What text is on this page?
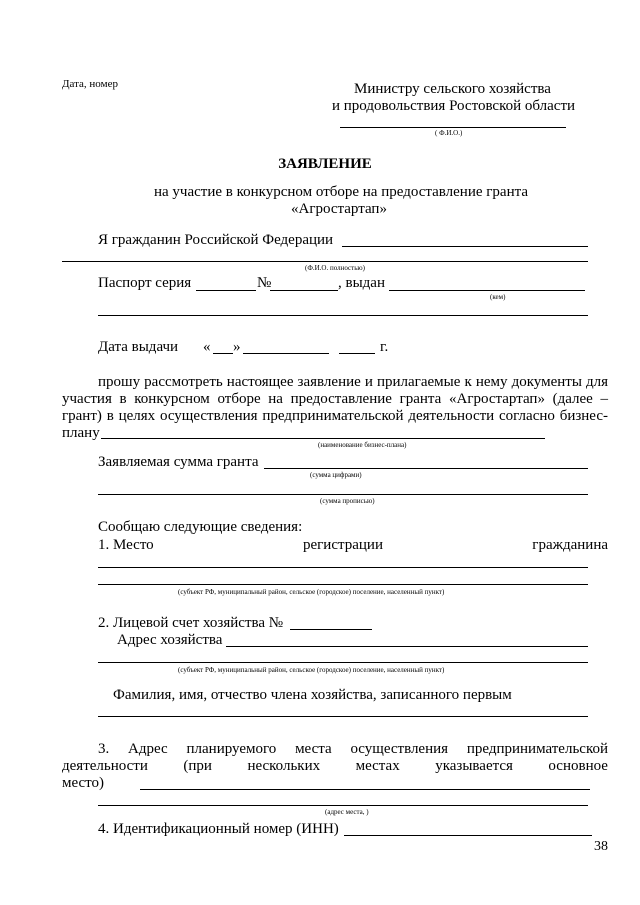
Дата, номер	Министру сельского хозяйства
и продовольствия Ростовской области
( Ф.И.О.)
ЗАЯВЛЕНИЕ
на участие в конкурсном отборе на предоставление гранта
«Агростартап»
Я гражданин Российской Федерации
(Ф.И.О. полностью)
Паспорт серия	№	, выдан
(кем)
Дата выдачи « »	г.
прошу рассмотреть настоящее заявление и прилагаемые к нему документы для
участия в конкурсном отборе на предоставление гранта «Агростартап» (далее –
грант) в целях осуществления предпринимательской деятельности согласно бизнес-
плану
(наименование бизнес-плана)
Заявляемая сумма гранта
(сумма цифрами)
(сумма прописью)
Сообщаю следующие сведения:
1. Место	регистрации	гражданина
(субъект РФ, муниципальный район, сельское (городское) поселение, населенный пункт)
2. Лицевой счет хозяйства №
Адрес хозяйства
(субъект РФ, муниципальный район, сельское (городское) поселение, населенный пункт)
Фамилия, имя, отчество члена хозяйства, записанного первым
3. Адрес планируемого места осуществления предпринимательской
деятельности (при нескольких местах указывается основное
место)
(адрес места, )
4. Идентификационный номер (ИНН)
38
